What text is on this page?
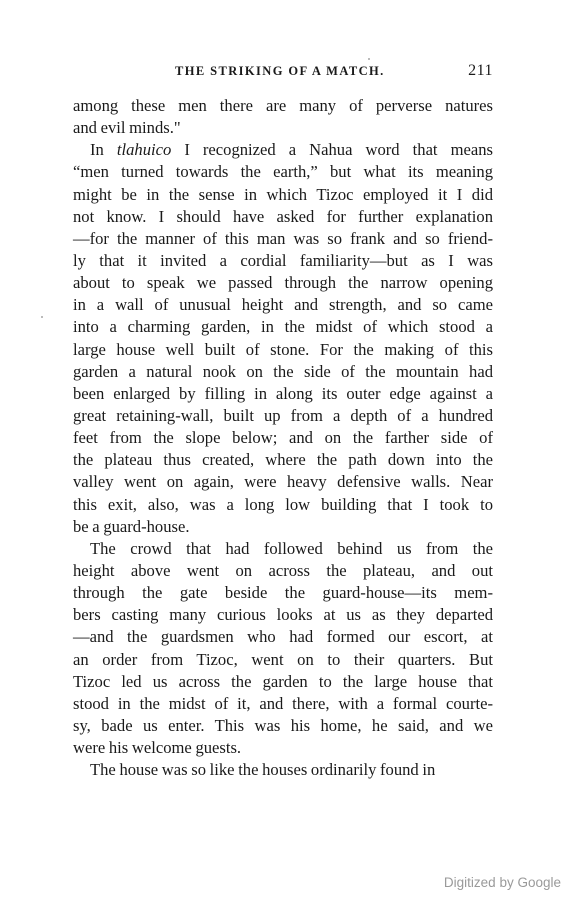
THE STRIKING OF A MATCH.	211
among these men there are many of perverse natures
and evil minds."
In tlahuico I recognized a Nahua word that means
“men turned towards the earth,” but what its meaning
might be in the sense in which Tizoc employed it I did
not know. I should have asked for further explanation
—for the manner of this man was so frank and so friend-
ly that it invited a cordial familiarity—but as I was
about to speak we passed through the narrow opening
in a wall of unusual height and strength, and so came
into a charming garden, in the midst of which stood a
large house well built of stone. For the making of this
garden a natural nook on the side of the mountain had
been enlarged by filling in along its outer edge against a
great retaining-wall, built up from a depth of a hundred
feet from the slope below; and on the farther side of
the plateau thus created, where the path down into the
valley went on again, were heavy defensive walls. Near
this exit, also, was a long low building that I took to
be a guard-house.
The crowd that had followed behind us from the
height above went on across the plateau, and out
through the gate beside the guard-house—its mem-
bers casting many curious looks at us as they departed
—and the guardsmen who had formed our escort, at
an order from Tizoc, went on to their quarters. But
Tizoc led us across the garden to the large house that
stood in the midst of it, and there, with a formal courte-
sy, bade us enter. This was his home, he said, and we
were his welcome guests.
The house was so like the houses ordinarily found in
Digitized by Google
